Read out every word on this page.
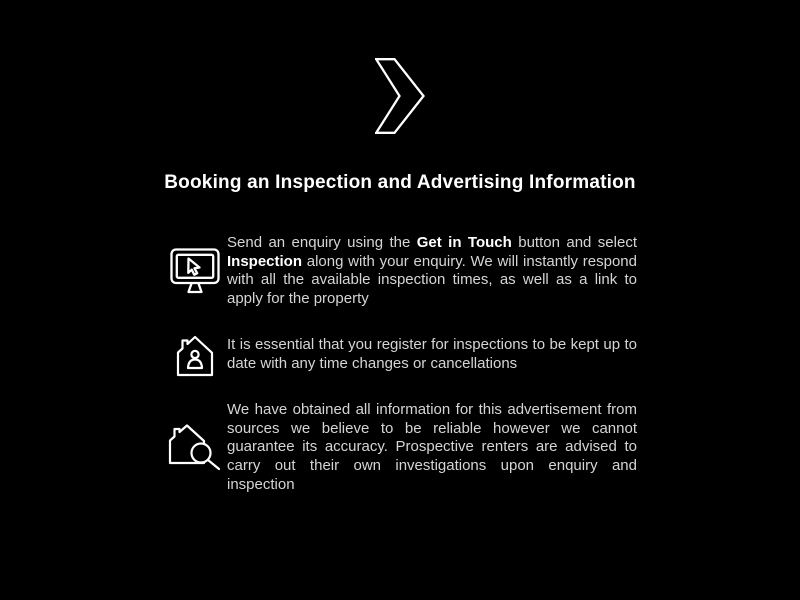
Booking an Inspection and Advertising Information

Send an enquiry using the Get in Touch button and select Inspection along with your enquiry. We will instantly respond with all the available inspection times, as well as a link to apply for the property

It is essential that you register for inspections to be kept up to date with any time changes or cancellations

We have obtained all information for this advertisement from sources we believe to be reliable however we cannot guarantee its accuracy. Prospective renters are advised to carry out their own investigations upon enquiry and inspection
